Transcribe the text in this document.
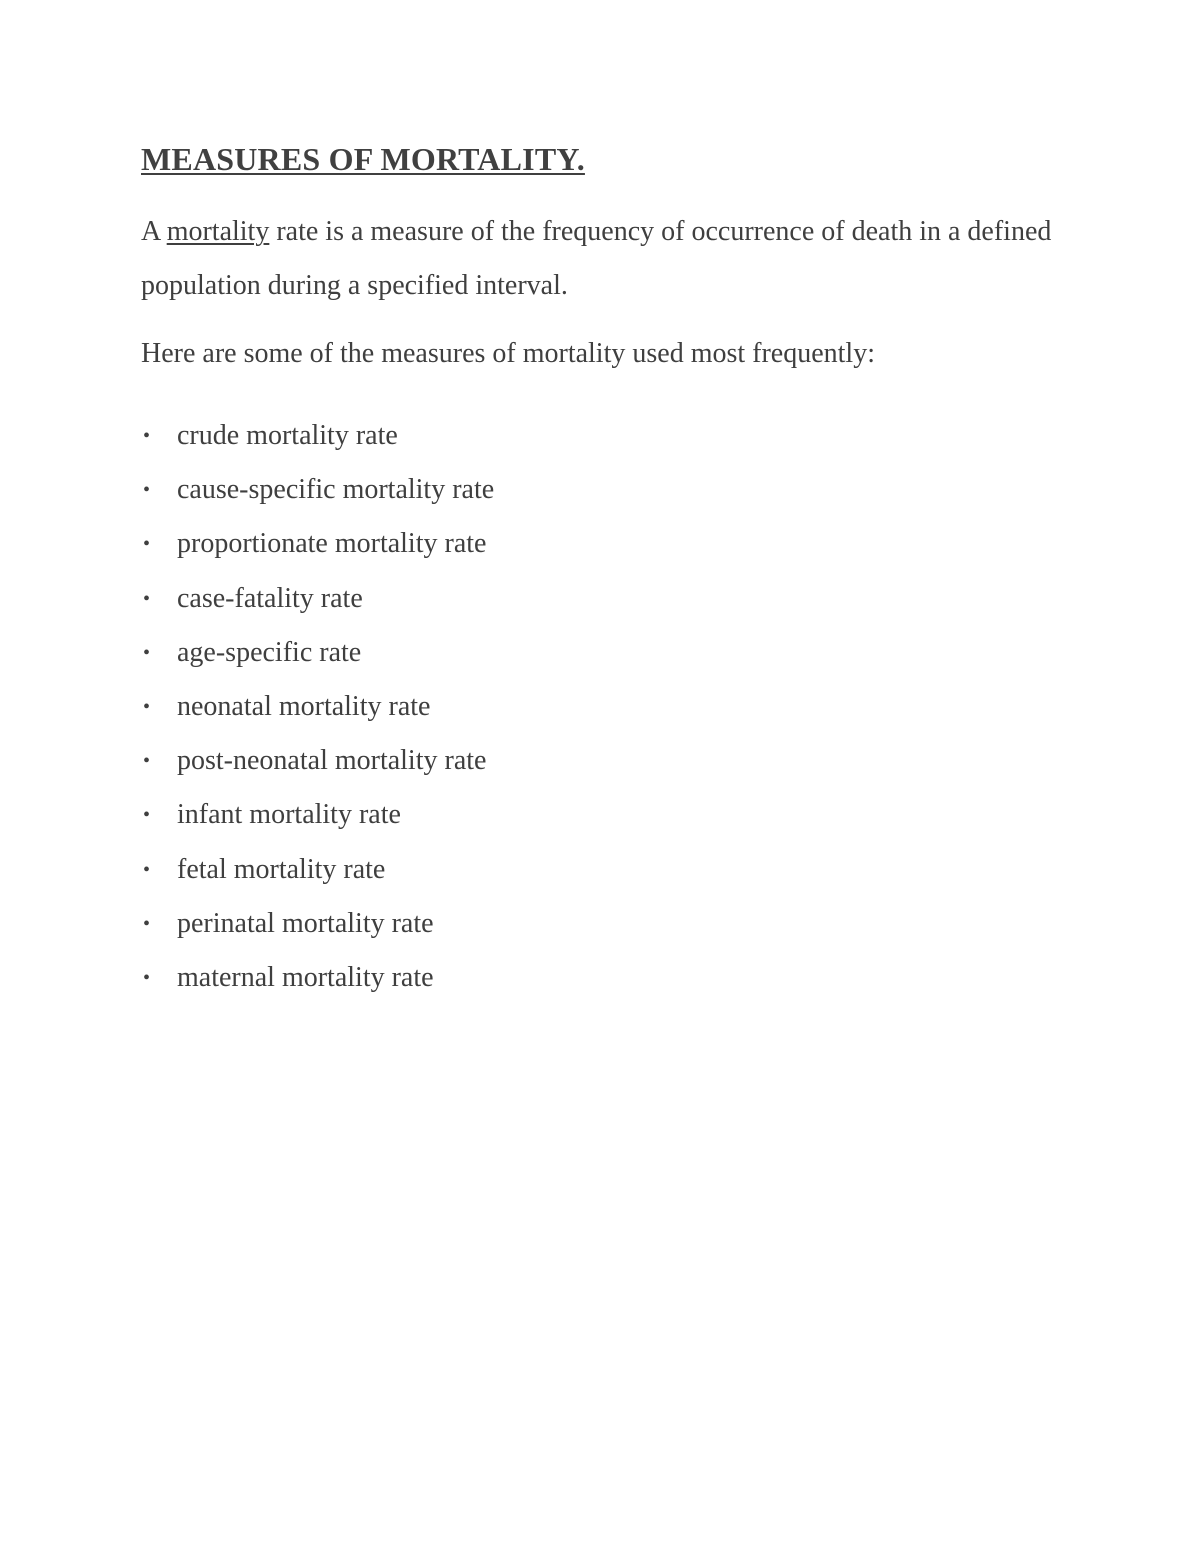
MEASURES OF MORTALITY.

A mortality rate is a measure of the frequency of occurrence of death in a defined population during a specified interval.

Here are some of the measures of mortality used most frequently:

• crude mortality rate
• cause-specific mortality rate
• proportionate mortality rate
• case-fatality rate
• age-specific rate
• neonatal mortality rate
• post-neonatal mortality rate
• infant mortality rate
• fetal mortality rate
• perinatal mortality rate
• maternal mortality rate
